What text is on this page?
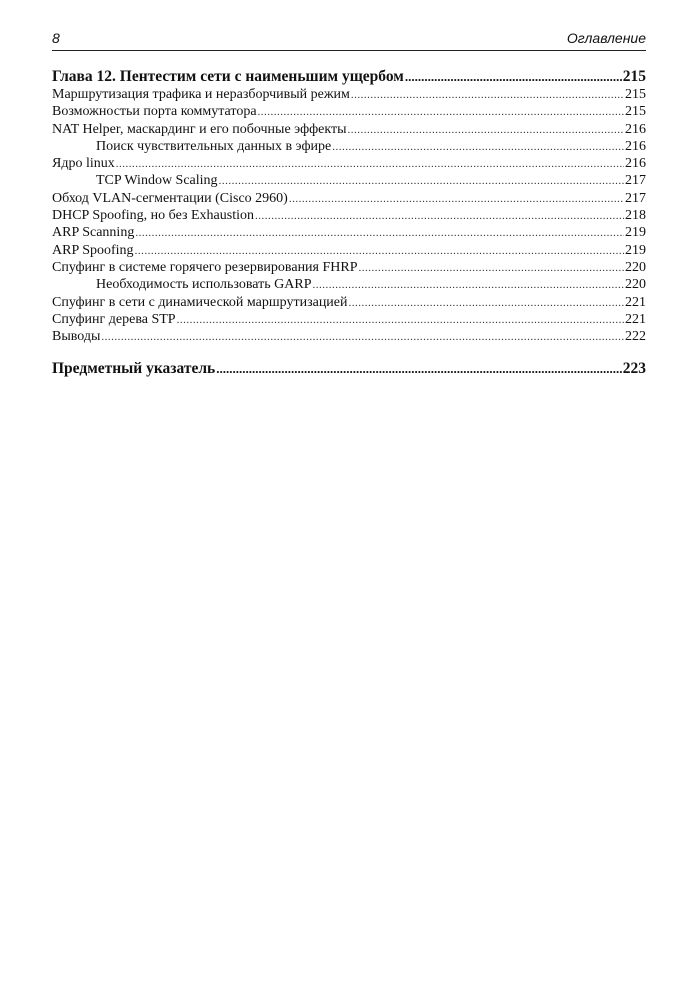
8	Оглавление
Глава 12. Пентестим сети с наименьшим ущербом .....	215
Маршрутизация трафика и неразборчивый режим .....	215
Возможностьи порта коммутатора .....	215
NAT Helper, маскардинг и его побочные эффекты .....	216
Поиск чувствительных данных в эфире .....	216
Ядро linux .....	216
TCP Window Scaling .....	217
Обход VLAN-сегментации (Cisco 2960) .....	217
DHCP Spoofing, но без Exhaustion .....	218
ARP Scanning .....	219
ARP Spoofing .....	219
Спуфинг в системе горячего резервирования FHRP .....	220
Необходимость использовать GARP .....	220
Спуфинг в сети с динамической маршрутизацией .....	221
Спуфинг дерева STP .....	221
Выводы .....	222
Предметный указатель .....	223
